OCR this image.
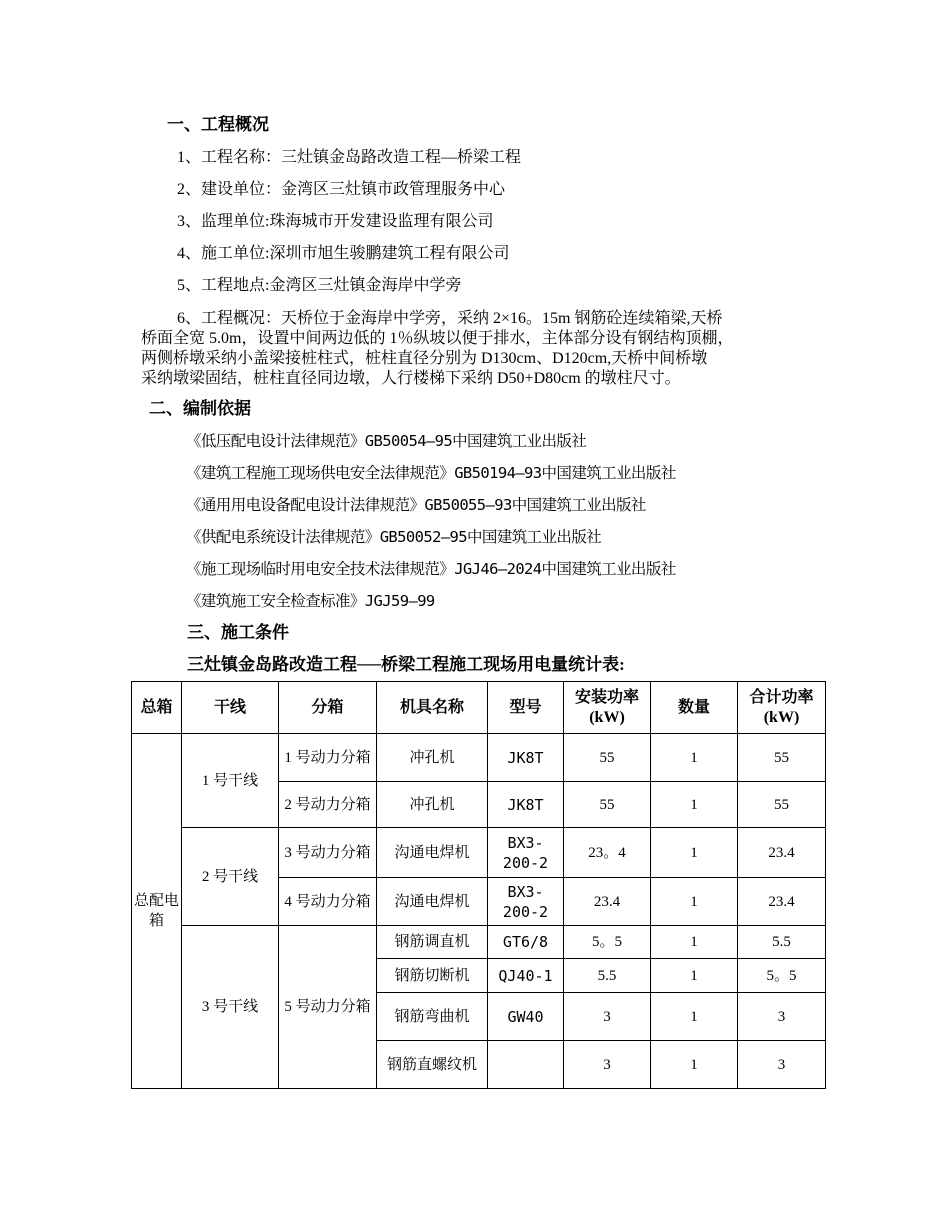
一、工程概况
1、工程名称：三灶镇金岛路改造工程—桥梁工程
2、建设单位：金湾区三灶镇市政管理服务中心
3、监理单位:珠海城市开发建设监理有限公司
4、施工单位:深圳市旭生骏鹏建筑工程有限公司
5、工程地点:金湾区三灶镇金海岸中学旁
6、工程概况：天桥位于金海岸中学旁，采纳 2×16。15m 钢筋砼连续箱梁,天桥
桥面全宽 5.0m，设置中间两边低的 1％纵坡以便于排水，主体部分设有钢结构顶棚，
两侧桥墩采纳小盖梁接桩柱式，桩柱直径分别为 D130cm、D120cm,天桥中间桥墩
采纳墩梁固结，桩柱直径同边墩，人行楼梯下采纳 D50+D80cm 的墩柱尺寸。
二、编制依据
《低压配电设计法律规范》GB50054—95中国建筑工业出版社
《建筑工程施工现场供电安全法律规范》GB50194—93中国建筑工业出版社
《通用用电设备配电设计法律规范》GB50055—93中国建筑工业出版社
《供配电系统设计法律规范》GB50052—95中国建筑工业出版社
《施工现场临时用电安全技术法律规范》JGJ46—2024中国建筑工业出版社
《建筑施工安全检查标准》JGJ59—99
三、施工条件
三灶镇金岛路改造工程──桥梁工程施工现场用电量统计表:
总箱	干线	分箱	机具名称	型号	安装功率(kW)	数量	合计功率(kW)
总配电箱	1 号干线	1 号动力分箱	冲孔机	JK8T	55	1	55
		2 号动力分箱	冲孔机	JK8T	55	1	55
	2 号干线	3 号动力分箱	沟通电焊机	BX3-200-2	23。4	1	23.4
		4 号动力分箱	沟通电焊机	BX3-200-2	23.4	1	23.4
	3 号干线	5 号动力分箱	钢筋调直机	GT6/8	5。5	1	5.5
			钢筋切断机	QJ40-1	5.5	1	5。5
			钢筋弯曲机	GW40	3	1	3
			钢筋直螺纹机		3	1	3
